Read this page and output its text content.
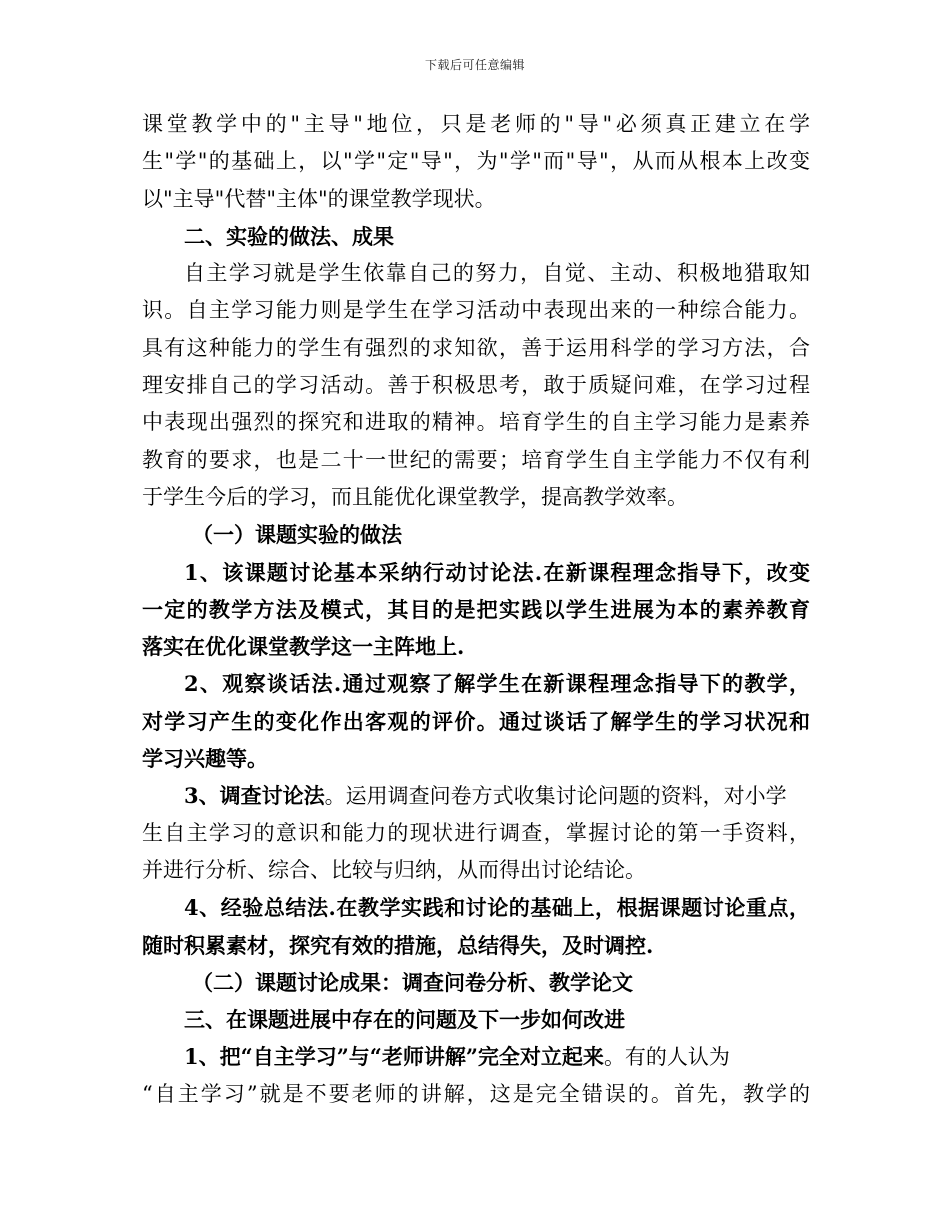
下载后可任意编辑
课堂教学中的"主导"地位，只是老师的"导"必须真正建立在学
生"学"的基础上，以"学"定"导"，为"学"而"导"，从而从根本上改变
以"主导"代替"主体"的课堂教学现状。
二、实验的做法、成果
自主学习就是学生依靠自己的努力，自觉、主动、积极地猎取知
识。自主学习能力则是学生在学习活动中表现出来的一种综合能力。
具有这种能力的学生有强烈的求知欲，善于运用科学的学习方法，合
理安排自己的学习活动。善于积极思考，敢于质疑问难，在学习过程
中表现出强烈的探究和进取的精神。培育学生的自主学习能力是素养
教育的要求，也是二十一世纪的需要；培育学生自主学能力不仅有利
于学生今后的学习，而且能优化课堂教学，提高教学效率。
（一）课题实验的做法
1、该课题讨论基本采纳行动讨论法.在新课程理念指导下，改变
一定的教学方法及模式，其目的是把实践以学生进展为本的素养教育
落实在优化课堂教学这一主阵地上.
2、观察谈话法.通过观察了解学生在新课程理念指导下的教学，
对学习产生的变化作出客观的评价。通过谈话了解学生的学习状况和
学习兴趣等。
3、调查讨论法。运用调查问卷方式收集讨论问题的资料，对小学
生自主学习的意识和能力的现状进行调查，掌握讨论的第一手资料，
并进行分析、综合、比较与归纳，从而得出讨论结论。
4、经验总结法.在教学实践和讨论的基础上，根据课题讨论重点，
随时积累素材，探究有效的措施，总结得失，及时调控.
（二）课题讨论成果：调查问卷分析、教学论文
三、在课题进展中存在的问题及下一步如何改进
1、把“自主学习”与“老师讲解”完全对立起来。有的人认为
“自主学习”就是不要老师的讲解，这是完全错误的。首先，教学的
